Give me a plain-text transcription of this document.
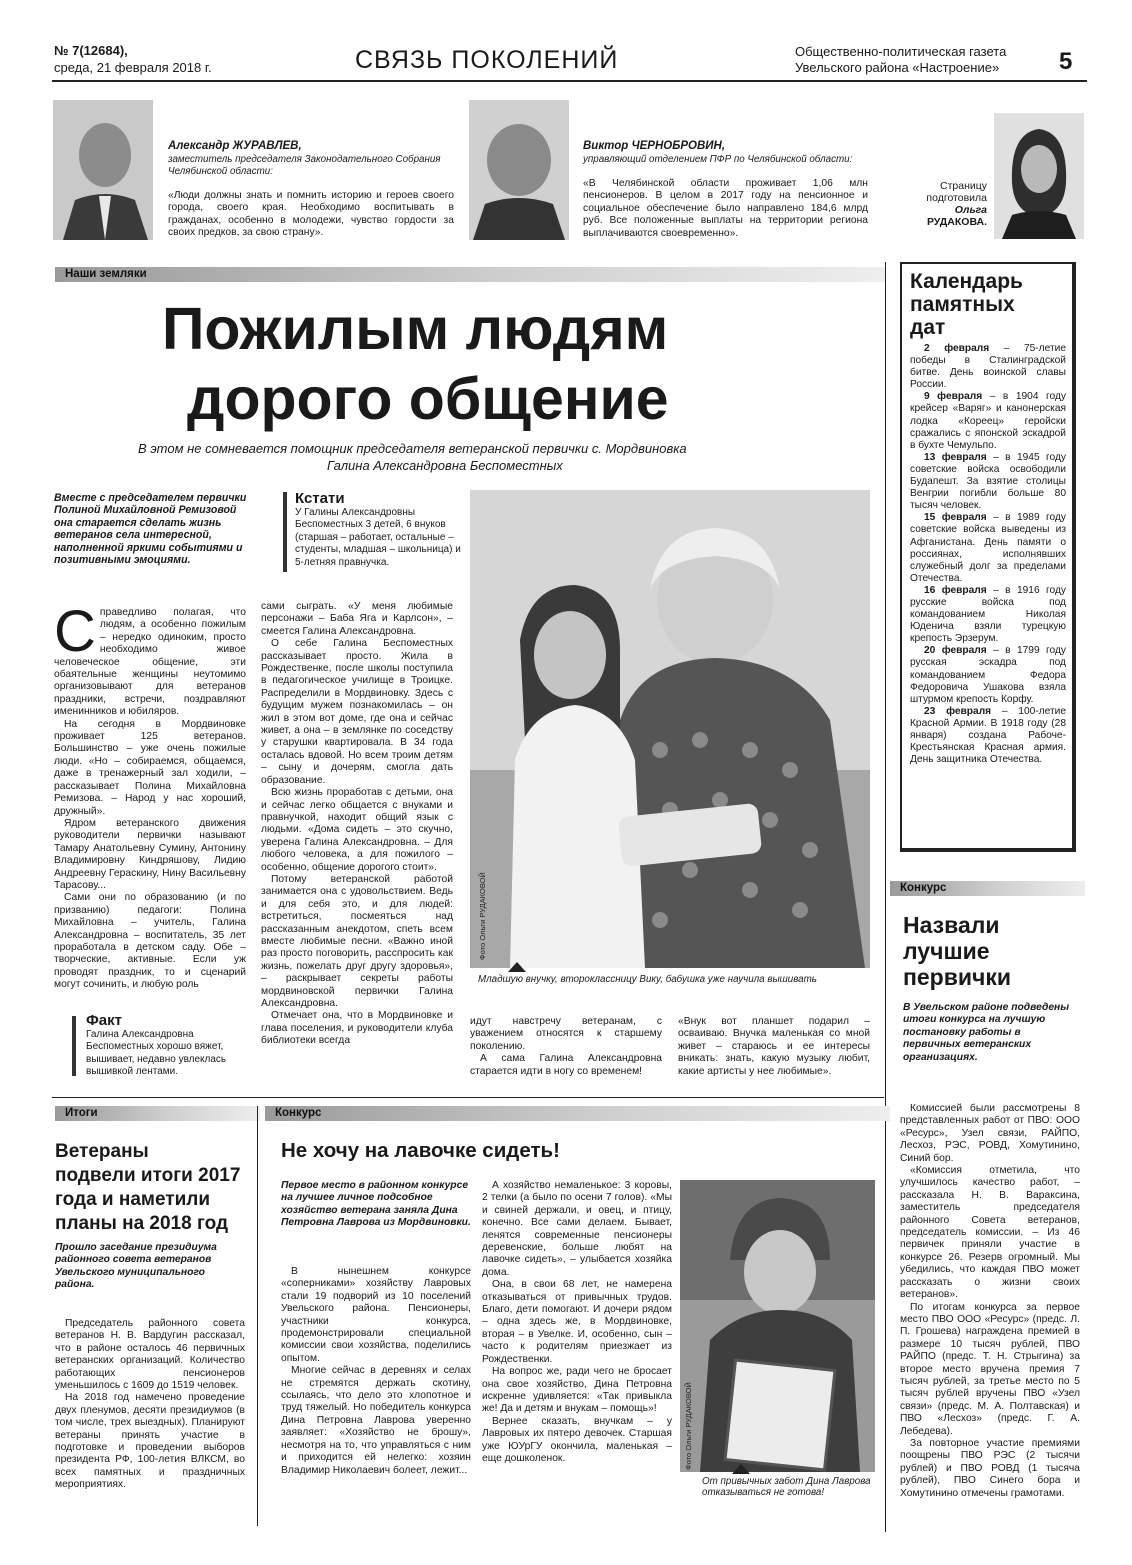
№ 7(12684),
среда, 21 февраля 2018 г.	СВЯЗЬ ПОКОЛЕНИЙ	Общественно-политическая газета
Увельского района «Настроение» 5
Александр ЖУРАВЛЕВ,
заместитель председателя Законодательного Собрания Челябинской области:
«Люди должны знать и помнить историю и героев своего города, своего края. Необходимо воспитывать в гражданах, особенно в молодежи, чувство гордости за своих предков, за свою страну».
Виктор ЧЕРНОБРОВИН,
управляющий отделением ПФР по Челябинской области:
«В Челябинской области проживает 1,06 млн пенсионеров. В целом в 2017 году на пенсионное и социальное обеспечение было направлено 184,6 млрд руб. Все положенные выплаты на территории региона выплачиваются своевременно».
Страницу
подготовила
Ольга
РУДАКОВА.
Наши земляки
Пожилым людям
дорого общение
В этом не сомневается помощник председателя ветеранской первички с. Мордвиновка
Галина Александровна Беспоместных
Вместе с председателем первички Полиной Михайловной Ремизовой она старается сделать жизнь ветеранов села интересной, наполненной яркими событиями и позитивными эмоциями.
С праведливо полагая, что людям, а особенно пожилым – нередко одиноким, просто необходимо живое человеческое общение, эти обаятельные женщины неутомимо организовывают для ветеранов праздники, встречи, поздравляют именинников и юбиляров.

На сегодня в Мордвиновке проживает 125 ветеранов. Большинство – уже очень пожилые люди. «Но – собираемся, общаемся, даже в тренажерный зал ходили, – рассказывает Полина Михайловна Ремизова. – Народ у нас хороший, дружный».

Ядром ветеранского движения руководители первички называют Тамару Анатольевну Сумину, Антонину Владимировну Киндряшову, Лидию Андреевну Гераскину, Нину Васильевну Тарасову...

Сами они по образованию (и по призванию) педагоги: Полина Михайловна – учитель, Галина Александровна – воспитатель, 35 лет проработала в детском саду. Обе – творческие, активные. Если уж проводят праздник, то и сценарий могут сочинить, и любую роль

Факт
Галина Александровна Беспоместных хорошо вяжет, вышивает, недавно увлеклась вышивкой лентами.
Кстати
У Галины Александровны Беспоместных 3 детей, 6 внуков (старшая – работает, остальные – студенты, младшая – школьница) и 5-летняя правнучка.

сами сыграть. «У меня любимые персонажи – Баба Яга и Карлсон», – смеется Галина Александровна.

О себе Галина Беспоместных рассказывает просто. Жила в Рождественке, после школы поступила в педагогическое училище в Троицке. Распределили в Мордвиновку. Здесь с будущим мужем познакомилась – он жил в этом вот доме, где она и сейчас живет, а она – в землянке по соседству у старушки квартировала. В 34 года осталась вдовой. Но всем троим детям – сыну и дочерям, смогла дать образование.

Всю жизнь проработав с детьми, она и сейчас легко общается с внуками и правнучкой, находит общий язык с людьми. «Дома сидеть – это скучно, уверена Галина Александровна. – Для любого человека, а для пожилого – особенно, общение дорогого стоит».

Потому ветеранской работой занимается она с удовольствием. Ведь и для себя это, и для людей: встретиться, посмеяться над рассказанным анекдотом, спеть всем вместе любимые песни. «Важно иной раз просто поговорить, расспросить как жизнь, пожелать друг другу здоровья», – раскрывает секреты работы мордвиновской первички Галина Александровна.

Отмечает она, что в Мордвиновке и глава поселения, и руководители клуба библиотеки всегда

Фото Ольги РУДАКОВОЙ
Младшую внучку, второклассницу Вику, бабушка уже научила вышивать

идут навстречу ветеранам, с уважением относятся к старшему поколению.

А сама Галина Александровна старается идти в ногу со временем!

«Внук вот планшет подарил – осваиваю. Внучка маленькая со мной живет – стараюсь и ее интересы вникать: знать, какую музыку любит, какие артисты у нее любимые».

Календарь
памятных
дат

2 февраля – 75-летие победы в Сталинградской битве. День воинской славы России.

9 февраля – в 1904 году крейсер «Варяг» и канонерская лодка «Кореец» геройски сражались с японской эскадрой в бухте Чемульпо.

13 февраля – в 1945 году советские войска освободили Будапешт. За взятие столицы Венгрии погибли больше 80 тысяч человек.

15 февраля – в 1989 году советские войска выведены из Афганистана. День памяти о россиянах, исполнявших служебный долг за пределами Отечества.

16 февраля – в 1916 году русские войска под командованием Николая Юденича взяли турецкую крепость Эрзерум.

20 февраля – в 1799 году русская эскадра под командованием Федора Федоровича Ушакова взяла штурмом крепость Корфу.

23 февраля – 100-летие Красной Армии. В 1918 году (28 января) создана Рабоче-Крестьянская Красная армия. День защитника Отечества.

Конкурс
Назвали
лучшие
первички
В Увельском районе подведены итоги конкурса на лучшую постановку работы в первичных ветеранских организациях.

Комиссией были рассмотрены 8 представленных работ от ПВО: ООО «Ресурс», Узел связи, РАЙПО, Лесхоз, РЭС, РОВД, Хомутинино, Синий бор.

«Комиссия отметила, что улучшилось качество работ, – рассказала Н. В. Вараксина, заместитель председателя районного Совета ветеранов, председатель комиссии. – Из 46 первичек приняли участие в конкурсе 26. Резерв огромный. Мы убедились, что каждая ПВО может рассказать о жизни своих ветеранов».

По итогам конкурса за первое место ПВО ООО «Ресурс» (предс. Л. П. Грошева) награждена премией в размере 10 тысяч рублей, ПВО РАЙПО (предс. Т. Н. Стрыгина) за второе место вручена премия 7 тысяч рублей, за третье место по 5 тысяч рублей вручены ПВО «Узел связи» (предс. М. А. Полтавская) и ПВО «Лесхоз» (предс. Г. А. Лебедева).

За повторное участие премиями поощрены ПВО РЭС (2 тысячи рублей) и ПВО РОВД (1 тысяча рублей), ПВО Синего бора и Хомутинино отмечены грамотами.

Итоги
Ветераны
подвели итоги 2017
года и наметили
планы на 2018 год
Прошло заседание президиума районного совета ветеранов Увельского муниципального района.

Председатель районного совета ветеранов Н. В. Вардугин рассказал, что в районе осталось 46 первичных ветеранских организаций. Количество работающих пенсионеров уменьшилось с 1609 до 1519 человек.

На 2018 год намечено проведение двух пленумов, десяти президиумов (в том числе, трех выездных). Планируют ветераны принять участие в подготовке и проведении выборов президента РФ, 100-летия ВЛКСМ, во всех памятных и праздничных мероприятиях.

Конкурс
Не хочу на лавочке сидеть!
Первое место в районном конкурсе на лучшее личное подсобное хозяйство ветерана заняла Дина Петровна Лаврова из Мордвиновки.

В нынешнем конкурсе «соперниками» хозяйству Лавровых стали 19 подворий из 10 поселений Увельского района. Пенсионеры, участники конкурса, продемонстрировали специальной комиссии свои хозяйства, поделились опытом.

Многие сейчас в деревнях и селах не стремятся держать скотину, ссылаясь, что дело это хлопотное и труд тяжелый. Но победитель конкурса Дина Петровна Лаврова уверенно заявляет: «Хозяйство не брошу», несмотря на то, что управляться с ним и приходится ей нелегко: хозяин Владимир Николаевич болеет, лежит...

А хозяйство немаленькое: 3 коровы, 2 телки (а было по осени 7 голов). «Мы и свиней держали, и овец, и птицу, конечно. Все сами делаем. Бывает, ленятся современные пенсионеры деревенские, больше любят на лавочке сидеть», – улыбается хозяйка дома.

Она, в свои 68 лет, не намерена отказываться от привычных трудов. Благо, дети помогают. И дочери рядом – одна здесь же, в Мордвиновке, вторая – в Увелке. И, особенно, сын – часто к родителям приезжает из Рождественки.

На вопрос же, ради чего не бросает она свое хозяйство, Дина Петровна искренне удивляется: «Так привыкла же! Да и детям и внукам – помощь»!

Вернее сказать, внучкам – у Лавровых их пятеро девочек. Старшая уже ЮУрГУ окончила, маленькая – еще дошколенок.	Фото Ольги РУДАКОВОЙ
От привычных забот Дина Лаврова
отказываться не готова!
